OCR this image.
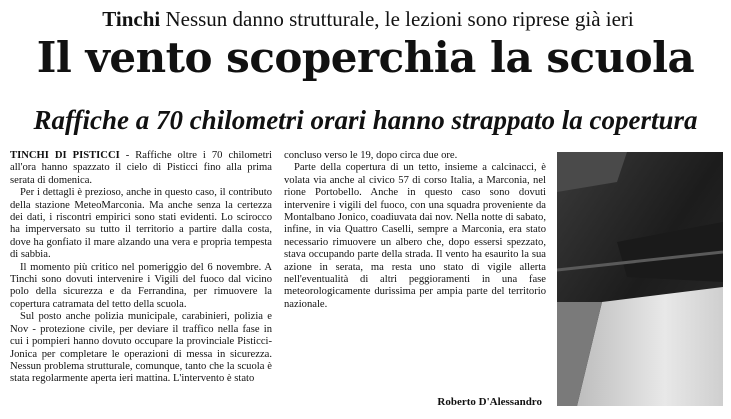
Tinchi Nessun danno strutturale, le lezioni sono riprese già ieri
Il vento scoperchia la scuola
Raffiche a 70 chilometri orari hanno strappato la copertura

TINCHI DI PISTICCI - Raffiche oltre i 70 chilometri all'ora hanno spazzato il cielo di Pisticci fino alla prima serata di domenica.

Per i dettagli è prezioso, anche in questo caso, il contributo della stazione MeteoMarconia. Ma anche senza la certezza dei dati, i riscontri empirici sono stati evidenti. Lo scirocco ha imperversato su tutto il territorio a partire dalla costa, dove ha gonfiato il mare alzando una vera e propria tempesta di sabbia.

Il momento più critico nel pomeriggio del 6 novembre. A Tinchi sono dovuti intervenire i Vigili del fuoco dal vicino polo della sicurezza e da Ferrandina, per rimuovere la copertura catramata del tetto della scuola.

Sul posto anche polizia municipale, carabinieri, polizia e Nov - protezione civile, per deviare il traffico nella fase in cui i pompieri hanno dovuto occupare la provinciale Pisticci-Jonica per completare le operazioni di messa in sicurezza. Nessun problema strutturale, comunque, tanto che la scuola è stata regolarmente aperta ieri mattina. L'intervento è stato

concluso verso le 19, dopo circa due ore.

Parte della copertura di un tetto, insieme a calcinacci, è volata via anche al civico 57 di corso Italia, a Marconia, nel rione Portobello. Anche in questo caso sono dovuti intervenire i vigili del fuoco, con una squadra proveniente da Montalbano Jonico, coadiuvata dai nov. Nella notte di sabato, infine, in via Quattro Caselli, sempre a Marconia, era stato necessario rimuovere un albero che, dopo essersi spezzato, stava occupando parte della strada. Il vento ha esaurito la sua azione in serata, ma resta uno stato di vigile allerta nell'eventualità di altri peggioramenti in una fase meteorologicamente durissima per ampia parte del territorio nazionale.

Roberto D'Alessandro
